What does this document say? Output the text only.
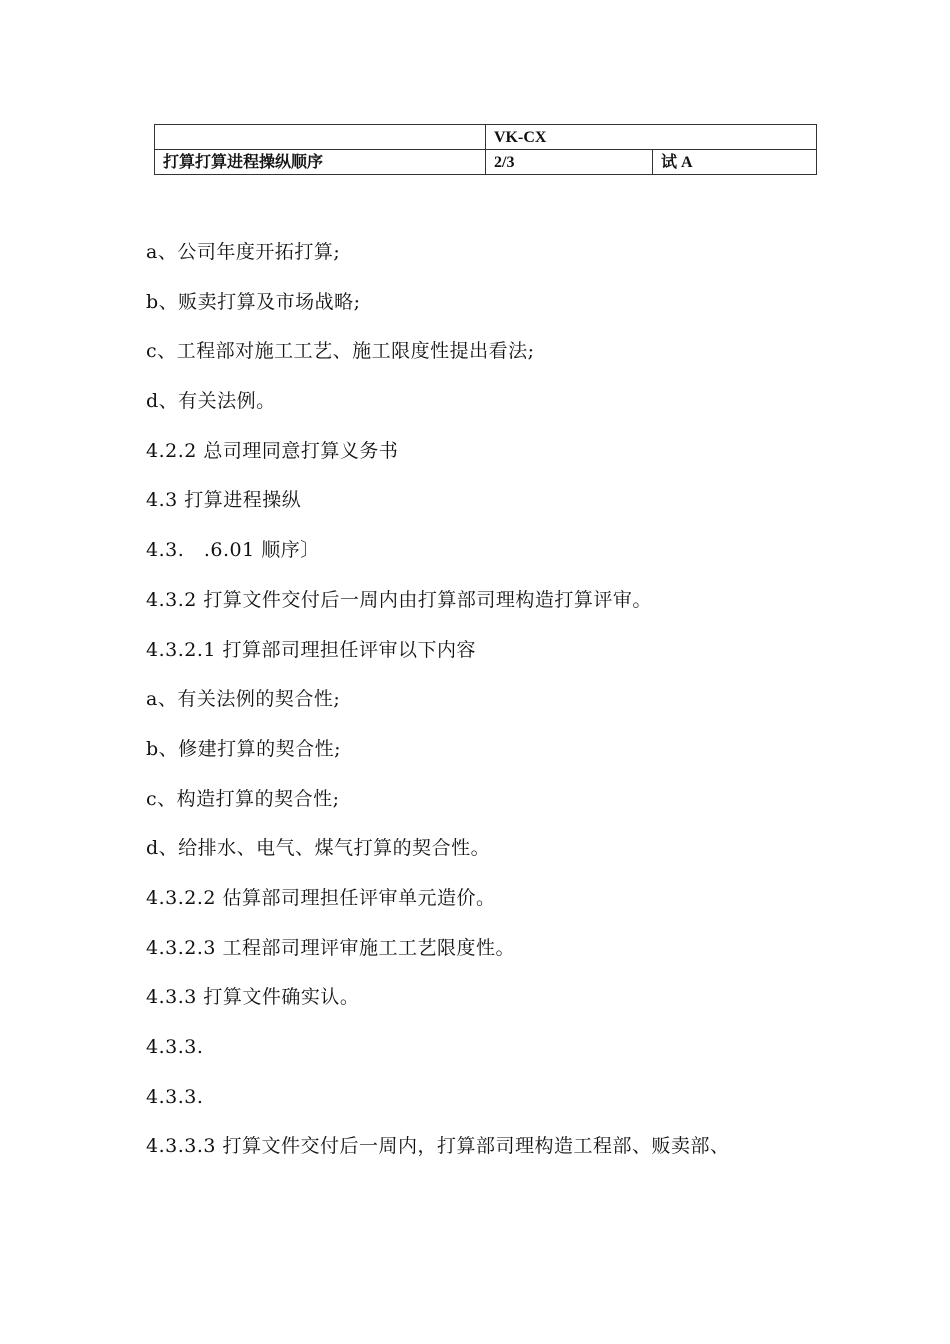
	VK-CX	
打算打算进程操纵顺序	2/3	试 A
a、公司年度开拓打算;
b、贩卖打算及市场战略;
c、工程部对施工工艺、施工限度性提出看法;
d、有关法例。
4.2.2 总司理同意打算义务书
4.3 打算进程操纵
4.3.   .6.01 顺序〕
4.3.2 打算文件交付后一周内由打算部司理构造打算评审。
4.3.2.1 打算部司理担任评审以下内容
a、有关法例的契合性;
b、修建打算的契合性;
c、构造打算的契合性;
d、给排水、电气、煤气打算的契合性。
4.3.2.2 估算部司理担任评审单元造价。
4.3.2.3 工程部司理评审施工工艺限度性。
4.3.3 打算文件确实认。
4.3.3.
4.3.3.
4.3.3.3 打算文件交付后一周内，打算部司理构造工程部、贩卖部、
